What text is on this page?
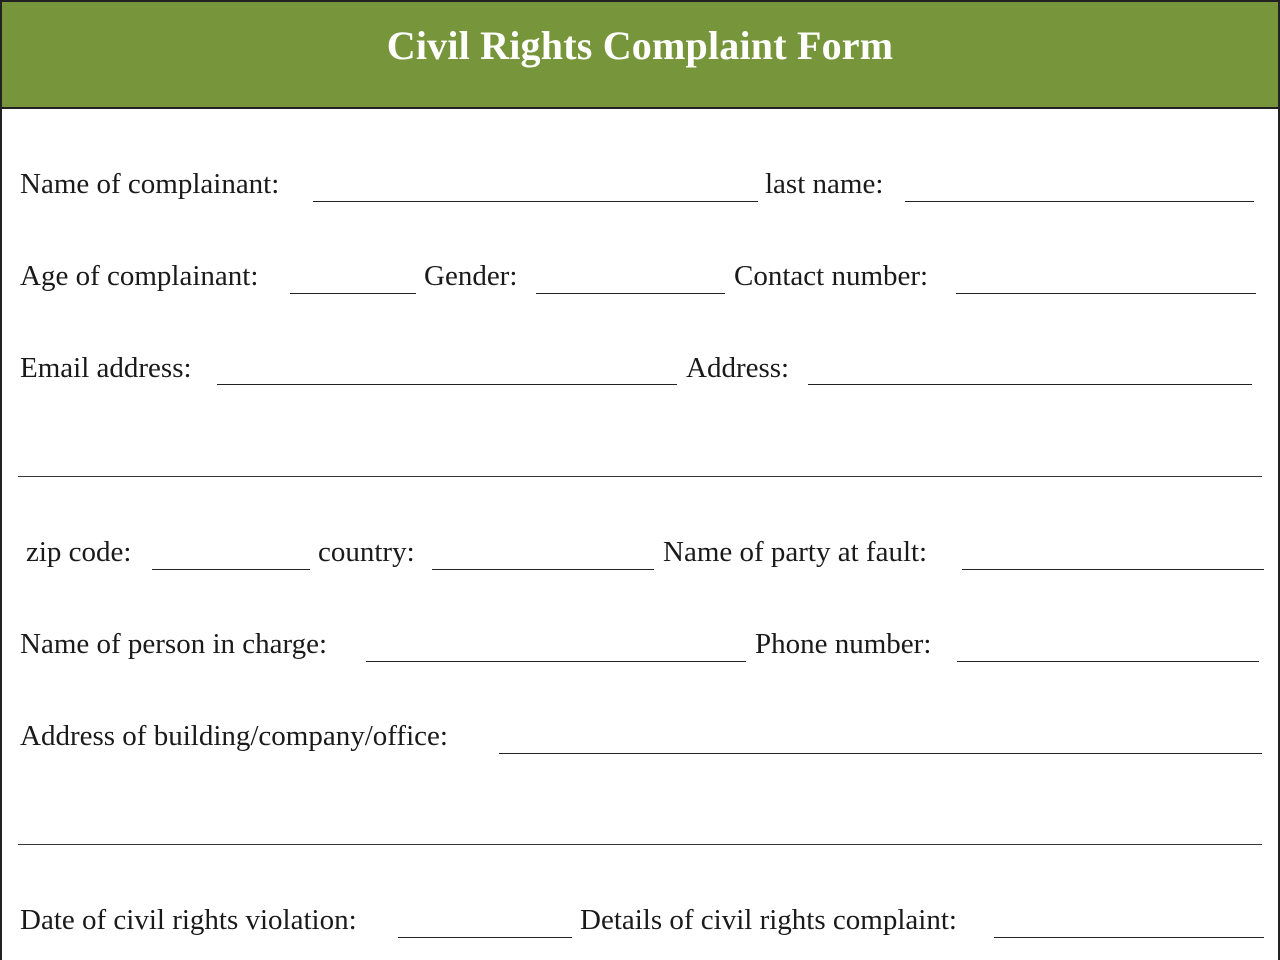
Civil Rights Complaint Form
Name of complainant:	last name:
Age of complainant:	Gender:	Contact number:
Email address:	Address:
zip code:	country:	Name of party at fault:
Name of person in charge:	Phone number:
Address of building/company/office:
Date of civil rights violation:	Details of civil rights complaint:
